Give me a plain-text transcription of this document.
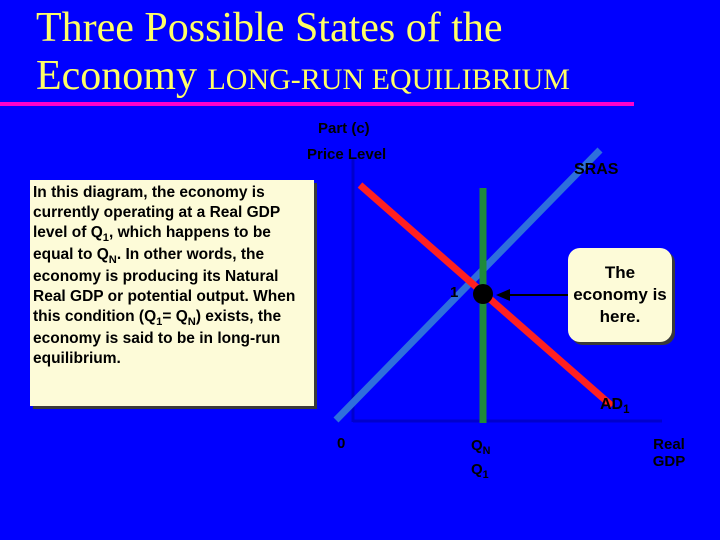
Three Possible States of the
Economy LONG-RUN EQUILIBRIUM
Part (c)
Price Level
SRAS
1
$AD_1$
0	$Q_N$
$Q_1$
Real
GDP
In this diagram, the economy is currently operating at a Real GDP level of $Q_1$, which happens to be equal to $Q_N$. In other words, the economy is producing its Natural Real GDP or potential output. When this condition $(Q_1= Q_N)$ exists, the economy is said to be in long-run equilibrium.
The economy is here.
